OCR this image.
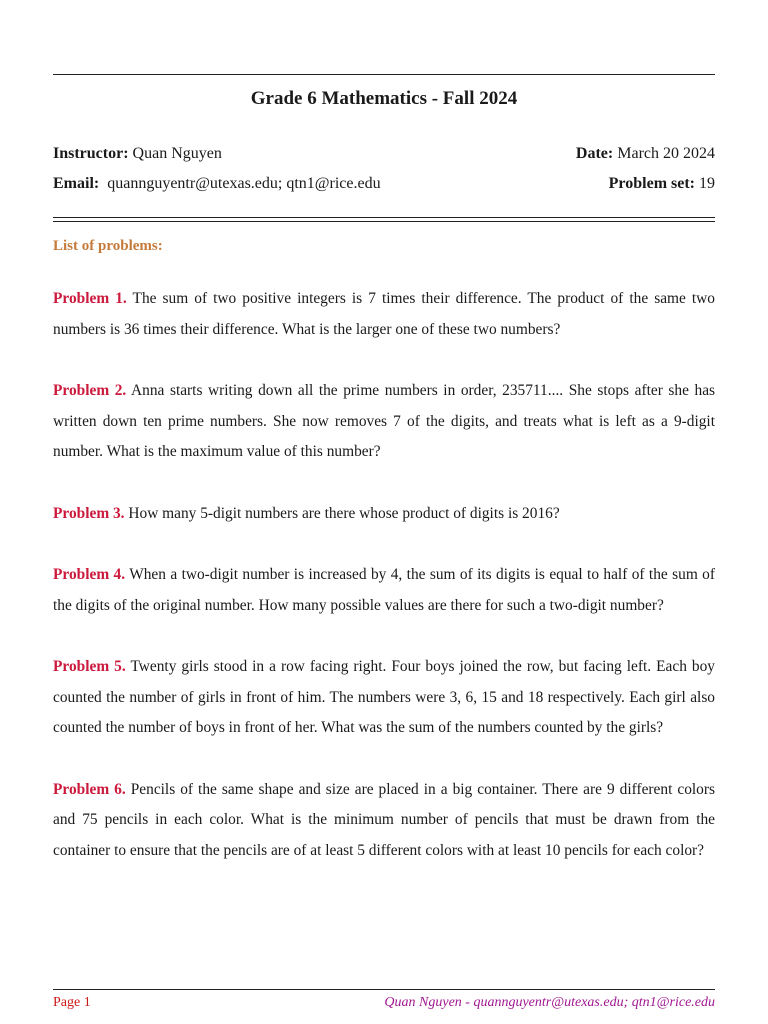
Grade 6 Mathematics - Fall 2024
Instructor: Quan Nguyen	Date: March 20 2024
Email: quannguyentr@utexas.edu; qtn1@rice.edu	Problem set: 19
List of problems:

Problem 1. The sum of two positive integers is 7 times their difference. The product of the same two numbers is 36 times their difference. What is the larger one of these two numbers?

Problem 2. Anna starts writing down all the prime numbers in order, 235711.... She stops after she has written down ten prime numbers. She now removes 7 of the digits, and treats what is left as a 9-digit number. What is the maximum value of this number?

Problem 3. How many 5-digit numbers are there whose product of digits is 2016?

Problem 4. When a two-digit number is increased by 4, the sum of its digits is equal to half of the sum of the digits of the original number. How many possible values are there for such a two-digit number?

Problem 5. Twenty girls stood in a row facing right. Four boys joined the row, but facing left. Each boy counted the number of girls in front of him. The numbers were 3, 6, 15 and 18 respectively. Each girl also counted the number of boys in front of her. What was the sum of the numbers counted by the girls?

Problem 6. Pencils of the same shape and size are placed in a big container. There are 9 different colors and 75 pencils in each color. What is the minimum number of pencils that must be drawn from the container to ensure that the pencils are of at least 5 different colors with at least 10 pencils for each color?

Page 1	Quan Nguyen - quannguyentr@utexas.edu; qtn1@rice.edu
